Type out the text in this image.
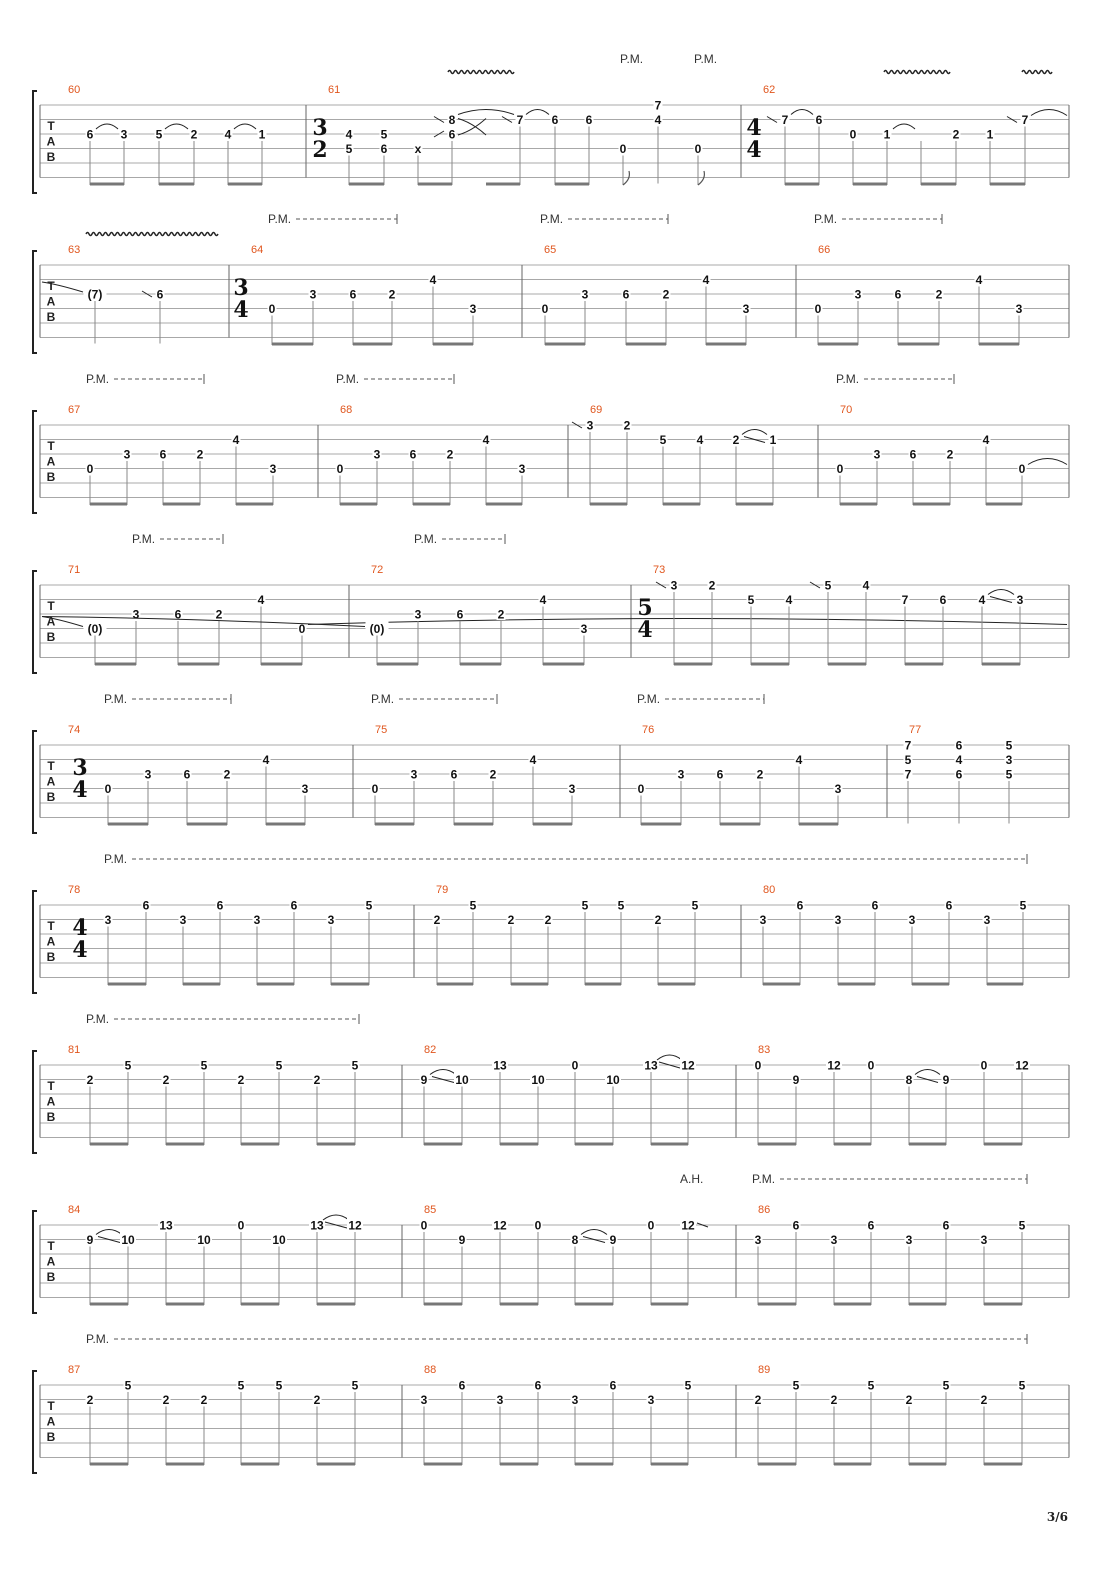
T
A
B
P.M.	P.M.
60
6 3 5 2 4 1
61
3
2
4
5
5
6 x
8
6
7 6 6
0
7
4
0
62
4
4
7 6
0 1	2 1
7
T
A
B
P.M.	P.M.	P.M.
63
(7)	6
64
3
4 0
3	6	2
4
3
65
0
3	6	2
4
3
66
0
3	6	2
4
3
T
A
B
P.M.	P.M.	P.M.
67
0
3 6	2
4
3
68
0
3 6	2
4
3
69
3	2
5	4 2	1
70
0
3 6	2
4
0
T
A
B
P.M.	P.M.
71
(0)
3	6	2
4
0
72
(0)
3	6	2
4
3
73
5
4
3	2
5	4
5	4
7	6	4	3
T
A
B
P.M.	P.M.	P.M.
74
3
4 0
3	6	2
4
3
75
0
3	6	2
4
3
76
0
3	6	2
4
3
77
7
5
7
6
4
6
5
3
5
T
A
B
P.M.
78
4
4
3
6
3
6
3
6
3
5
79
2
5
2	2
5 5
2
5
80
3
6
3
6
3
6
3
5
T
A
B
P.M.
81
2
5
2
5
2
5
2
5
82
9 10
13
10
0
10
13 12
83
0
9
12 0
8	9
0 12
T
A
B
A.H.	P.M.
84
9 10
13
10
0
10
13 12
85
0
9
12 0
8	9
0 12
86
3
6
3
6
3
6
3
5
T
A
B
P.M.
87
2
5
2	2
5	5
2
5
88
3
6
3
6
3
6
3
5
89
2
5
2
5
2
5
2
5
3/6
